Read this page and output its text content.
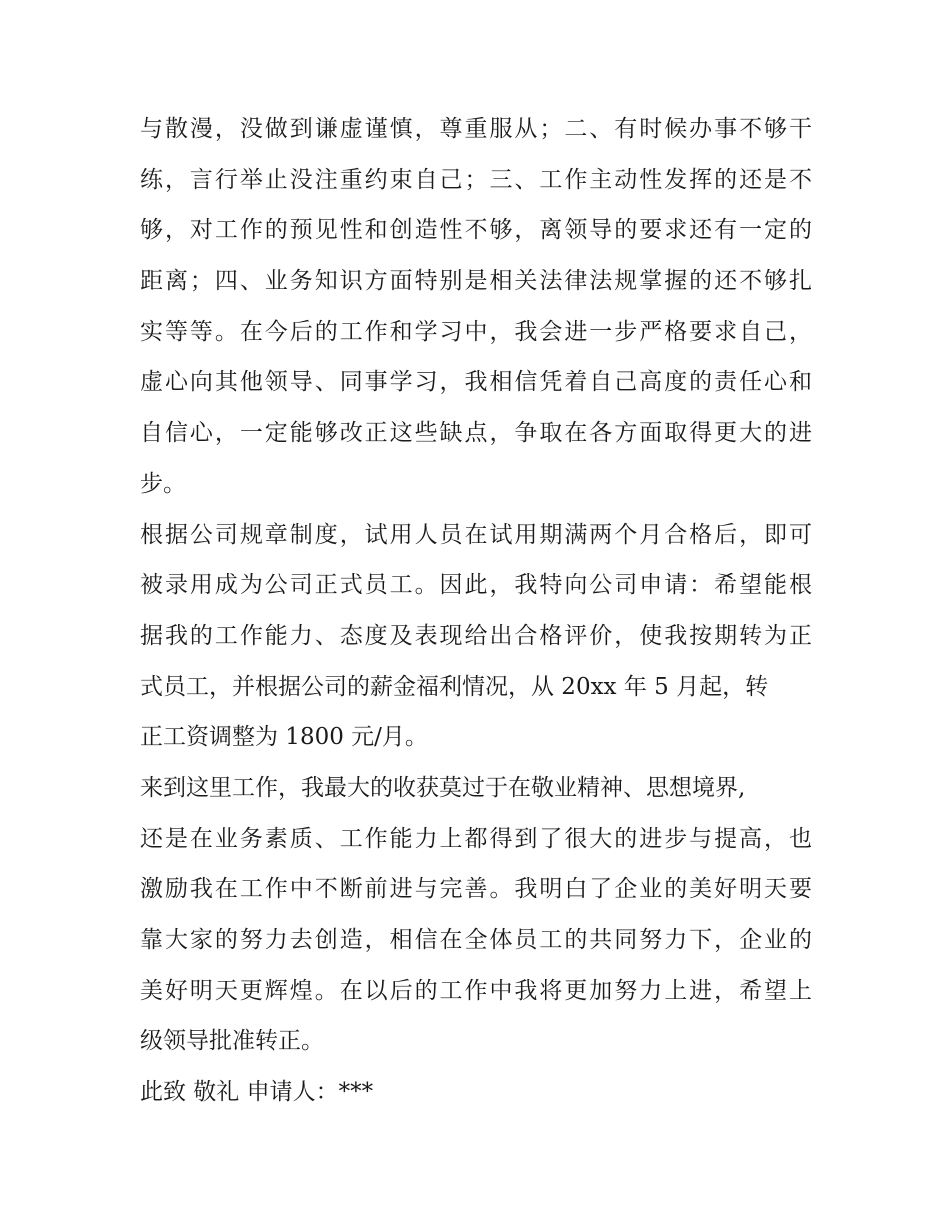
与散漫，没做到谦虚谨慎，尊重服从；二、有时候办事不够干
练，言行举止没注重约束自己；三、工作主动性发挥的还是不
够，对工作的预见性和创造性不够，离领导的要求还有一定的
距离；四、业务知识方面特别是相关法律法规掌握的还不够扎
实等等。在今后的工作和学习中，我会进一步严格要求自己，
虚心向其他领导、同事学习，我相信凭着自己高度的责任心和
自信心，一定能够改正这些缺点，争取在各方面取得更大的进
步。
根据公司规章制度，试用人员在试用期满两个月合格后，即可
被录用成为公司正式员工。因此，我特向公司申请：希望能根
据我的工作能力、态度及表现给出合格评价，使我按期转为正
式员工，并根据公司的薪金福利情况，从 20xx 年 5 月起，转
正工资调整为 1800 元/月。
来到这里工作，我最大的收获莫过于在敬业精神、思想境界,
还是在业务素质、工作能力上都得到了很大的进步与提高，也
激励我在工作中不断前进与完善。我明白了企业的美好明天要
靠大家的努力去创造，相信在全体员工的共同努力下，企业的
美好明天更辉煌。在以后的工作中我将更加努力上进，希望上
级领导批准转正。
此致 敬礼 申请人：***
